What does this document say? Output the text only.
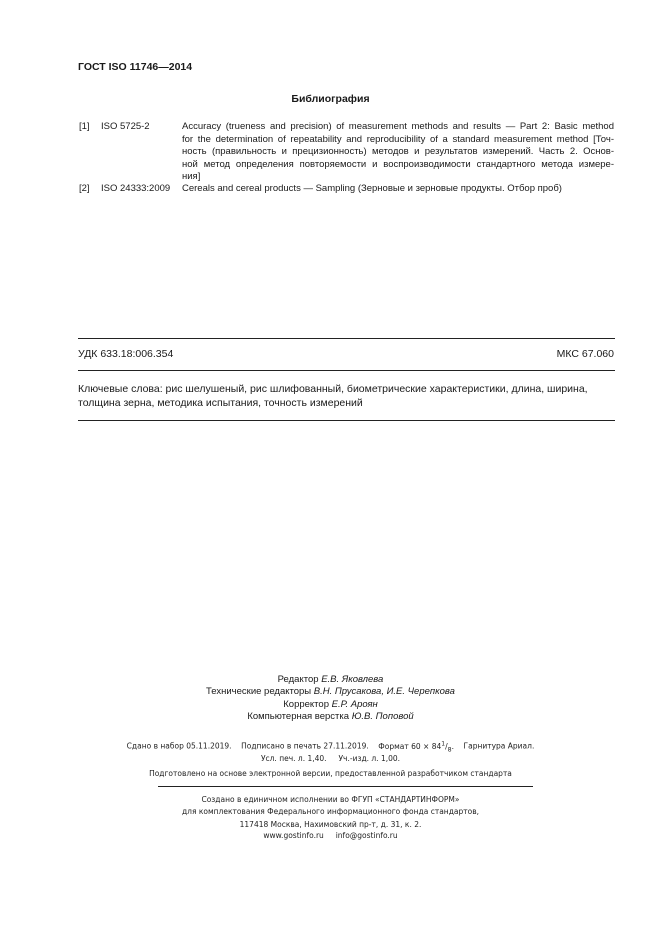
ГОСТ ISO 11746—2014
Библиография
[1] ISO 5725-2	Accuracy (trueness and precision) of measurement methods and results — Part 2: Basic method
for the determination of repeatability and reproducibility of a standard measurement method [Точ-
ность (правильность и прецизионность) методов и результатов измерений. Часть 2. Основ-
ной метод определения повторяемости и воспроизводимости стандартного метода измере-
ния]
[2] ISO 24333:2009 Cereals and cereal products — Sampling (Зерновые и зерновые продукты. Отбор проб)
УДК 633.18:006.354	МКС 67.060
Ключевые слова: рис шелушеный, рис шлифованный, биометрические характеристики, длина, ширина,
толщина зерна, методика испытания, точность измерений
Редактор Е.В. Яковлева
Технические редакторы В.Н. Прусакова, И.Е. Черепкова
Корректор Е.Р. Ароян
Компьютерная верстка Ю.В. Поповой
Сдано в набор 05.11.2019. Подписано в печать 27.11.2019. Формат $60 \times 84^1/_8$. Гарнитура Ариал.
Усл. печ. л. 1,40. Уч.-изд. л. 1,00.
Подготовлено на основе электронной версии, предоставленной разработчиком стандарта
Создано в единичном исполнении во ФГУП «СТАНДАРТИНФОРМ»
для комплектования Федерального информационного фонда стандартов,
117418 Москва, Нахимовский пр-т, д. 31, к. 2.
www.gostinfo.ru info@gostinfo.ru
